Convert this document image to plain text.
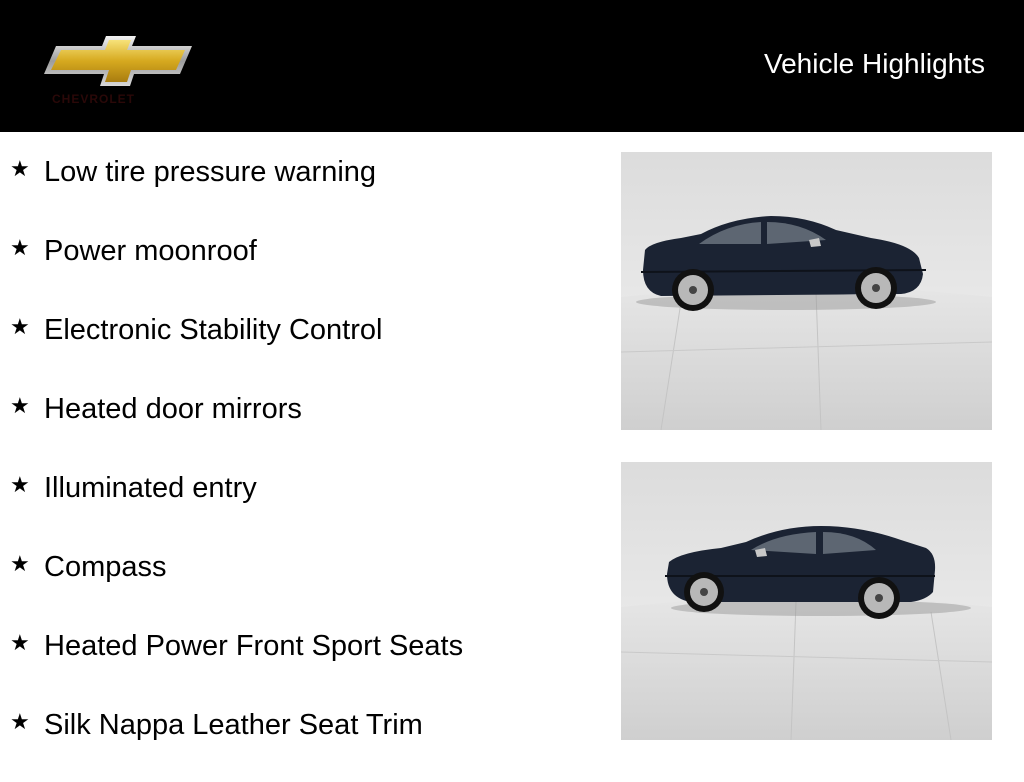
CHEVROLET
Vehicle Highlights
★ Low tire pressure warning
★ Power moonroof
★ Electronic Stability Control
★ Heated door mirrors
★ Illuminated entry
★ Compass
★ Heated Power Front Sport Seats
★ Silk Nappa Leather Seat Trim
